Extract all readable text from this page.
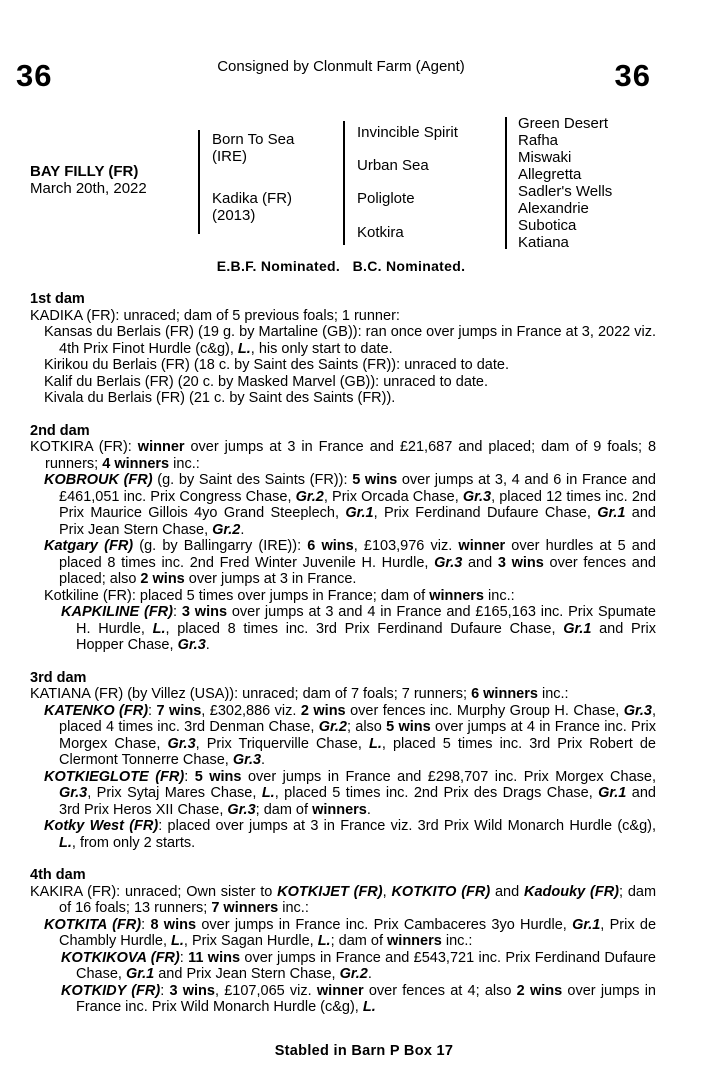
36	Consigned by Clonmult Farm (Agent)	36
BAY FILLY (FR)
March 20th, 2022
Born To Sea
(IRE)
Kadika (FR)
(2013)
Invincible Spirit
Urban Sea
Poliglote
Kotkira
Green Desert
Rafha
Miswaki
Allegretta
Sadler's Wells
Alexandrie
Subotica
Katiana
E.B.F. Nominated.   B.C. Nominated.
1st dam

KADIKA (FR): unraced; dam of 5 previous foals; 1 runner:

Kansas du Berlais (FR) (19 g. by Martaline (GB)): ran once over jumps in France at 3, 2022 viz. 4th Prix Finot Hurdle (c&g), L., his only start to date.

Kirikou du Berlais (FR) (18 c. by Saint des Saints (FR)): unraced to date.

Kalif du Berlais (FR) (20 c. by Masked Marvel (GB)): unraced to date.

Kivala du Berlais (FR) (21 c. by Saint des Saints (FR)).

2nd dam

KOTKIRA (FR): winner over jumps at 3 in France and £21,687 and placed; dam of 9 foals; 8 runners; 4 winners inc.:

KOBROUK (FR) (g. by Saint des Saints (FR)): 5 wins over jumps at 3, 4 and 6 in France and £461,051 inc. Prix Congress Chase, Gr.2, Prix Orcada Chase, Gr.3, placed 12 times inc. 2nd Prix Maurice Gillois 4yo Grand Steeplech, Gr.1, Prix Ferdinand Dufaure Chase, Gr.1 and Prix Jean Stern Chase, Gr.2.

Katgary (FR) (g. by Ballingarry (IRE)): 6 wins, £103,976 viz. winner over hurdles at 5 and placed 8 times inc. 2nd Fred Winter Juvenile H. Hurdle, Gr.3 and 3 wins over fences and placed; also 2 wins over jumps at 3 in France.

Kotkiline (FR): placed 5 times over jumps in France; dam of winners inc.:

KAPKILINE (FR): 3 wins over jumps at 3 and 4 in France and £165,163 inc. Prix Spumate H. Hurdle, L., placed 8 times inc. 3rd Prix Ferdinand Dufaure Chase, Gr.1 and Prix Hopper Chase, Gr.3.

3rd dam

KATIANA (FR) (by Villez (USA)): unraced; dam of 7 foals; 7 runners; 6 winners inc.:

KATENKO (FR): 7 wins, £302,886 viz. 2 wins over fences inc. Murphy Group H. Chase, Gr.3, placed 4 times inc. 3rd Denman Chase, Gr.2; also 5 wins over jumps at 4 in France inc. Prix Morgex Chase, Gr.3, Prix Triquerville Chase, L., placed 5 times inc. 3rd Prix Robert de Clermont Tonnerre Chase, Gr.3.

KOTKIEGLOTE (FR): 5 wins over jumps in France and £298,707 inc. Prix Morgex Chase, Gr.3, Prix Sytaj Mares Chase, L., placed 5 times inc. 2nd Prix des Drags Chase, Gr.1 and 3rd Prix Heros XII Chase, Gr.3; dam of winners.

Kotky West (FR): placed over jumps at 3 in France viz. 3rd Prix Wild Monarch Hurdle (c&g), L., from only 2 starts.

4th dam

KAKIRA (FR): unraced; Own sister to KOTKIJET (FR), KOTKITO (FR) and Kadouky (FR); dam of 16 foals; 13 runners; 7 winners inc.:

KOTKITA (FR): 8 wins over jumps in France inc. Prix Cambaceres 3yo Hurdle, Gr.1, Prix de Chambly Hurdle, L., Prix Sagan Hurdle, L.; dam of winners inc.:

KOTKIKOVA (FR): 11 wins over jumps in France and £543,721 inc. Prix Ferdinand Dufaure Chase, Gr.1 and Prix Jean Stern Chase, Gr.2.

KOTKIDY (FR): 3 wins, £107,065 viz. winner over fences at 4; also 2 wins over jumps in France inc. Prix Wild Monarch Hurdle (c&g), L.

Stabled in Barn P Box 17
